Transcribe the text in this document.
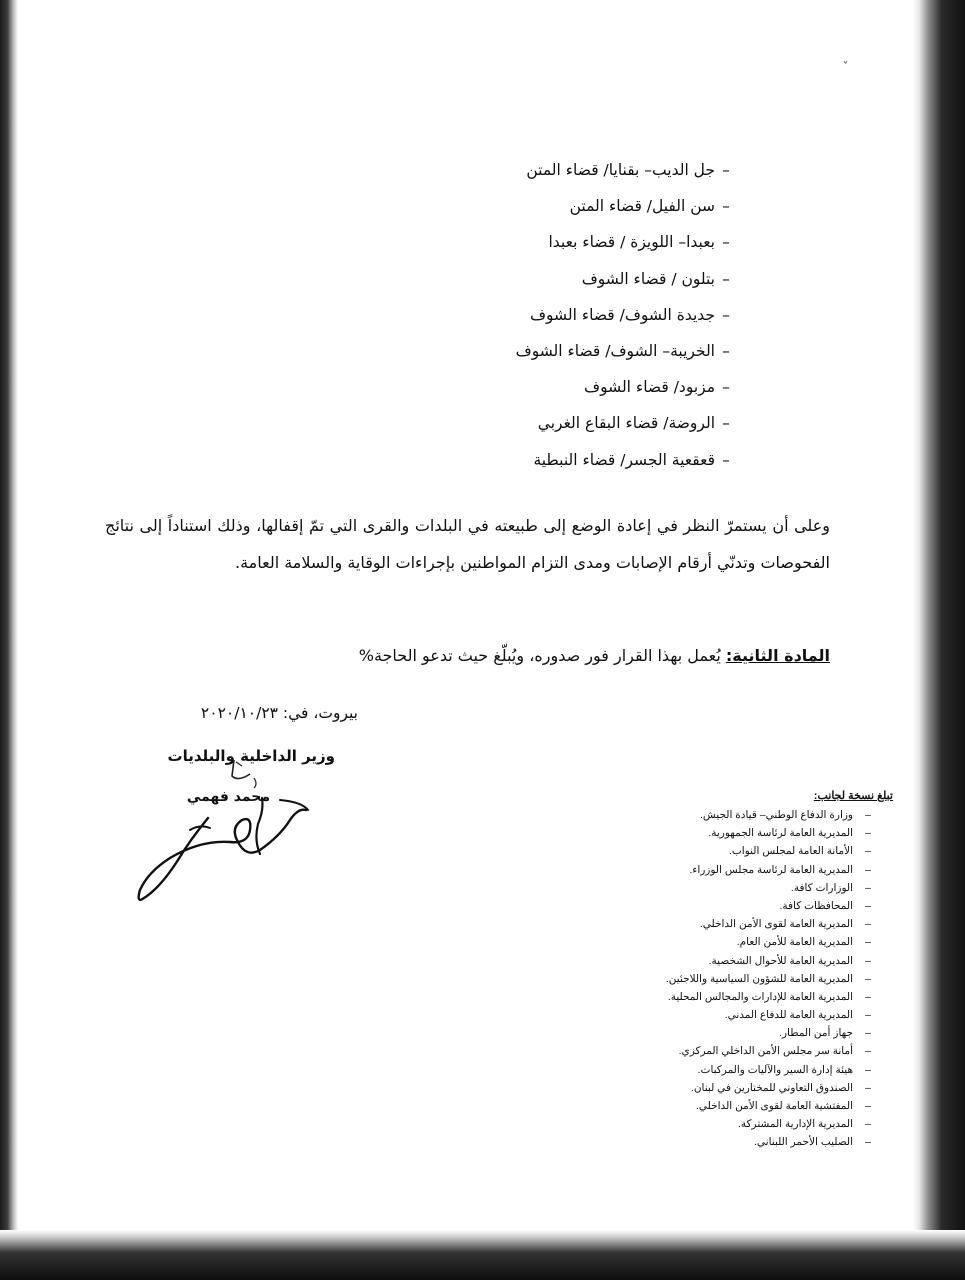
–جل الديب– بقنايا/ قضاء المتن
–سن الفيل/ قضاء المتن
–بعبدا– اللويزة / قضاء بعبدا
–بتلون / قضاء الشوف
–جديدة الشوف/ قضاء الشوف
–الخريبة– الشوف/ قضاء الشوف
–مزبود/ قضاء الشوف
–الروضة/ قضاء البقاع الغربي
–قعقعية الجسر/ قضاء النبطية

وعلى أن يستمرّ النظر في إعادة الوضع إلى طبيعته في البلدات والقرى التي تمّ إقفالها، وذلك استناداً إلى نتائج الفحوصات وتدنّي أرقام الإصابات ومدى التزام المواطنين بإجراءات الوقاية والسلامة العامة.

المادة الثانية: يُعمل بهذا القرار فور صدوره، ويُبلّغ حيث تدعو الحاجة%

بيروت، في: ٢٠٢٠/١٠/٢٣
وزير الداخلية والبلديات
محمد فهمي	تبلغ نسخة لجانب:
–وزارة الدفاع الوطني– قيادة الجيش.
–المديرية العامة لرئاسة الجمهورية.
–الأمانة العامة لمجلس النواب.
–المديرية العامة لرئاسة مجلس الوزراء.
–الوزارات كافة.
–المحافظات كافة.
–المديرية العامة لقوى الأمن الداخلي.
–المديرية العامة للأمن العام.
–المديرية العامة للأحوال الشخصية.
–المديرية العامة للشؤون السياسية واللاجئين.
–المديرية العامة للإدارات والمجالس المحلية.
–المديرية العامة للدفاع المدني.
–جهاز أمن المطار.
–أمانة سر مجلس الأمن الداخلي المركزي.
–هيئة إدارة السير والآليات والمركبات.
–الصندوق التعاوني للمختارين في لبنان.
–المفتشية العامة لقوى الأمن الداخلي.
–المديرية الإدارية المشتركة.
–الصليب الأحمر اللبناني.
